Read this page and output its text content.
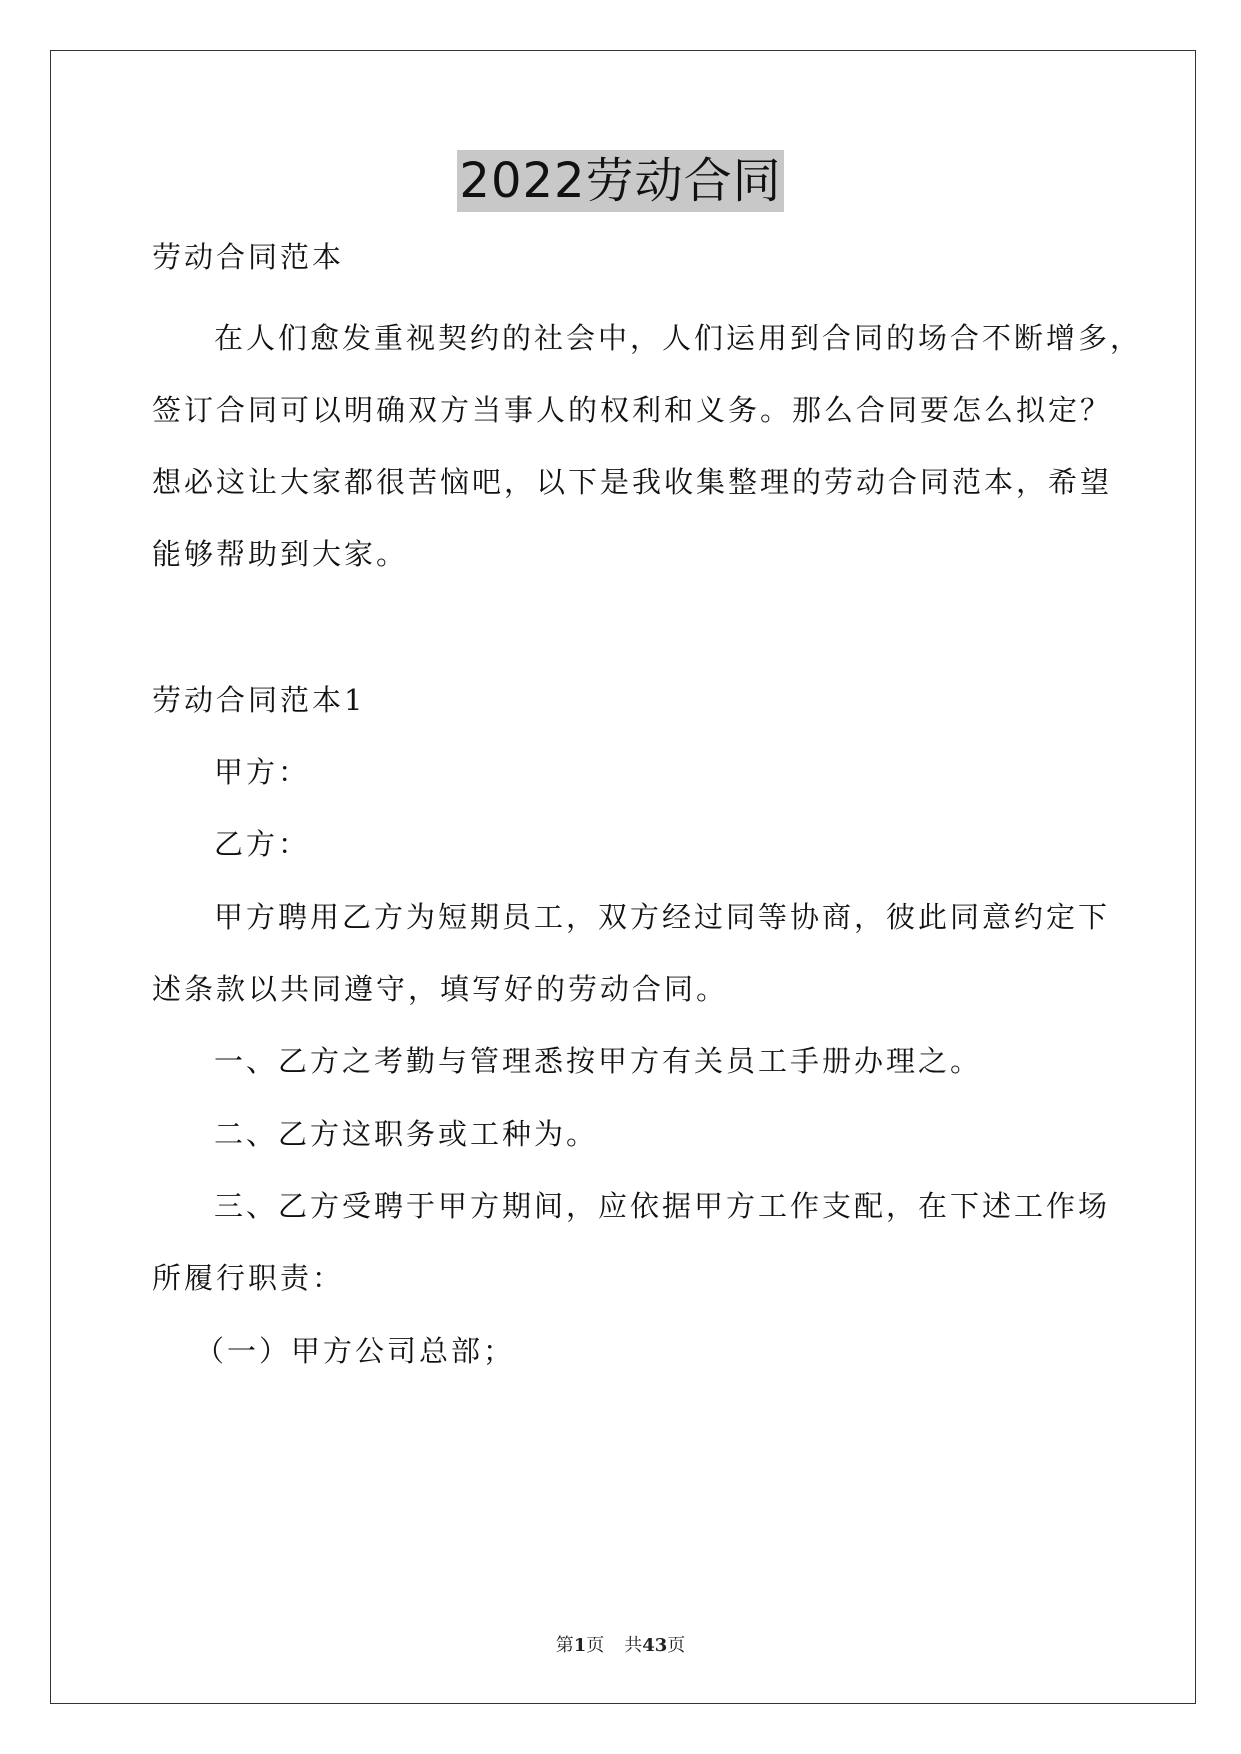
2022劳动合同
劳动合同范本
在人们愈发重视契约的社会中，人们运用到合同的场合不断增多，
签订合同可以明确双方当事人的权利和义务。那么合同要怎么拟定？
想必这让大家都很苦恼吧，以下是我收集整理的劳动合同范本，希望
能够帮助到大家。
劳动合同范本1
甲方：
乙方：
甲方聘用乙方为短期员工，双方经过同等协商，彼此同意约定下
述条款以共同遵守，填写好的劳动合同。
一、乙方之考勤与管理悉按甲方有关员工手册办理之。
二、乙方这职务或工种为。
三、乙方受聘于甲方期间，应依据甲方工作支配，在下述工作场
所履行职责：
（一）甲方公司总部；
第1页 共43页
